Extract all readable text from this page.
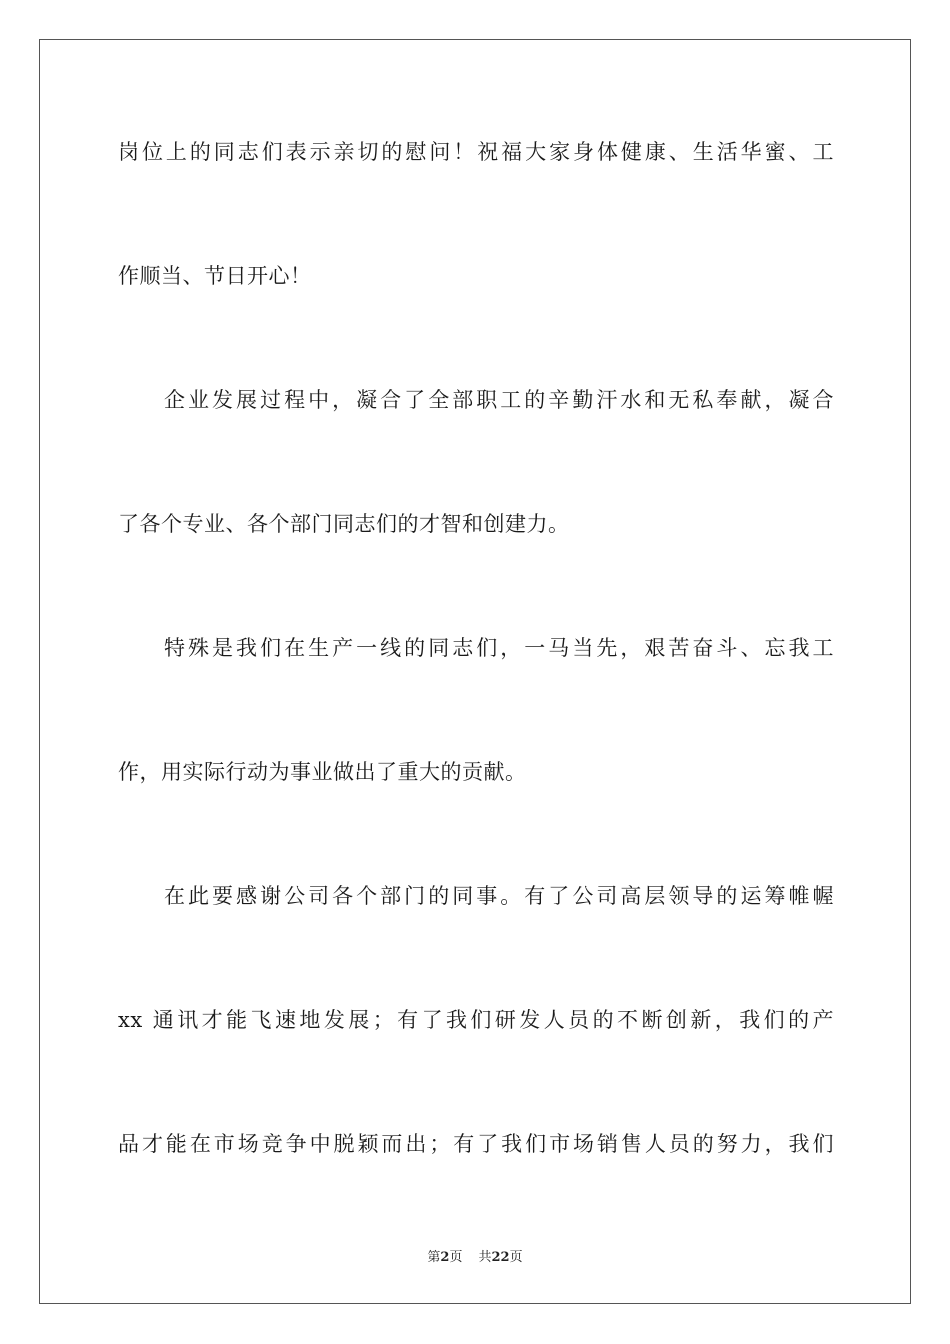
岗位上的同志们表示亲切的慰问！祝福大家身体健康、生活华蜜、工
作顺当、节日开心！
企业发展过程中，凝合了全部职工的辛勤汗水和无私奉献，凝合
了各个专业、各个部门同志们的才智和创建力。
特殊是我们在生产一线的同志们，一马当先，艰苦奋斗、忘我工
作，用实际行动为事业做出了重大的贡献。
在此要感谢公司各个部门的同事。有了公司高层领导的运筹帷幄
xx 通讯才能飞速地发展；有了我们研发人员的不断创新，我们的产
品才能在市场竞争中脱颖而出；有了我们市场销售人员的努力，我们
第2页 共22页
